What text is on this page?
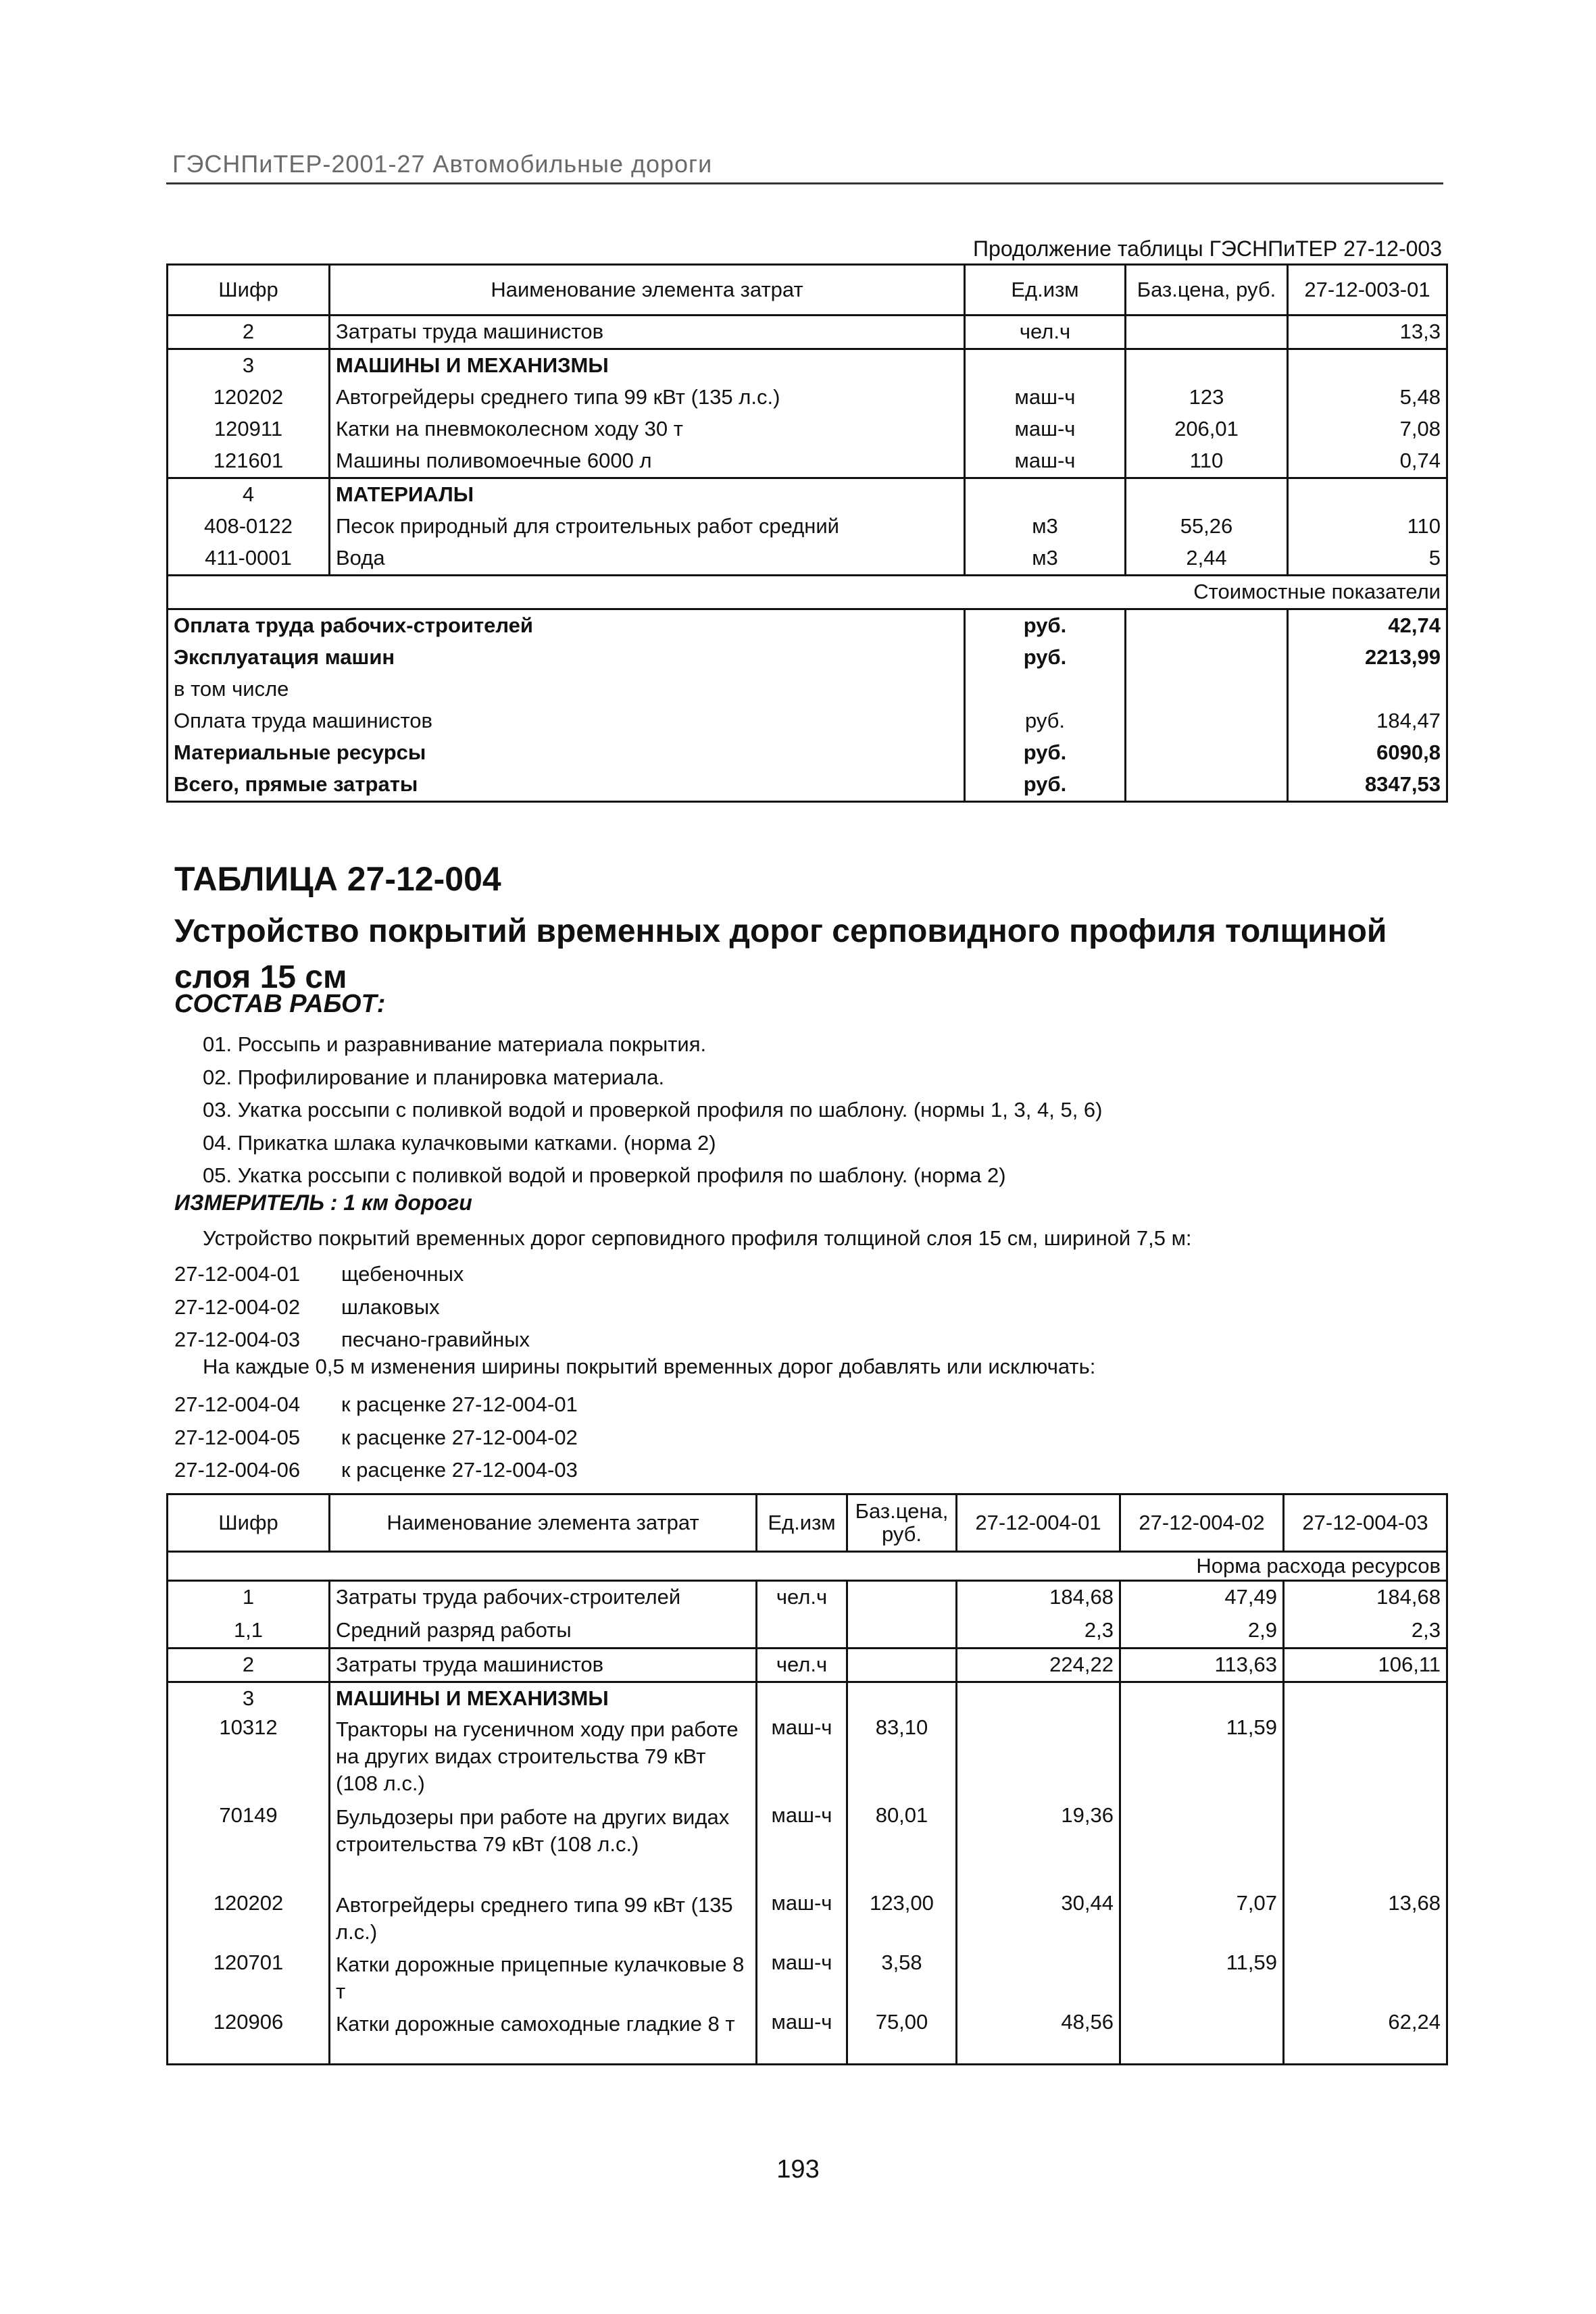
ГЭСНПиТЕР-2001-27 Автомобильные дороги
Продолжение таблицы ГЭСНПиТЕР 27-12-003
Шифр	Наименование элемента затрат	Ед.изм	Баз.цена, руб.	27-12-003-01
2	Затраты труда машинистов	чел.ч		13,3
3	МАШИНЫ И МЕХАНИЗМЫ			
120202	Автогрейдеры среднего типа 99 кВт (135 л.с.)	маш-ч	123	5,48
120911	Катки на пневмоколесном ходу 30 т	маш-ч	206,01	7,08
121601	Машины поливомоечные 6000 л	маш-ч	110	0,74
4	МАТЕРИАЛЫ			
408-0122	Песок природный для строительных работ средний	м3	55,26	110
411-0001	Вода	м3	2,44	5
Стоимостные показатели				
Оплата труда рабочих-строителей		руб.		42,74
Эксплуатация машин		руб.		2213,99
в том числе				
Оплата труда машинистов		руб.		184,47
Материальные ресурсы		руб.		6090,8
Всего, прямые затраты		руб.		8347,53
ТАБЛИЦА 27-12-004
Устройство покрытий временных дорог серповидного профиля толщиной слоя 15 см
СОСТАВ РАБОТ:
01. Россыпь и разравнивание материала покрытия.
02. Профилирование и планировка материала.
03. Укатка россыпи с поливкой водой и проверкой профиля по шаблону. (нормы 1, 3, 4, 5, 6)
04. Прикатка шлака кулачковыми катками. (норма 2)
05. Укатка россыпи с поливкой водой и проверкой профиля по шаблону. (норма 2)
ИЗМЕРИТЕЛЬ : 1 км дороги
Устройство покрытий временных дорог серповидного профиля толщиной слоя 15 см, шириной 7,5 м:
27-12-004-01 щебеночных
27-12-004-02 шлаковых
27-12-004-03 песчано-гравийных
На каждые 0,5 м изменения ширины покрытий временных дорог добавлять или исключать:
27-12-004-04 к расценке 27-12-004-01
27-12-004-05 к расценке 27-12-004-02
27-12-004-06 к расценке 27-12-004-03
Шифр	Наименование элемента затрат	Ед.изм	Баз.цена, руб.	27-12-004-01	27-12-004-02	27-12-004-03
Норма расхода ресурсов						
1	Затраты труда рабочих-строителей	чел.ч		184,68	47,49	184,68
1,1	Средний разряд работы			2,3	2,9	2,3
2	Затраты труда машинистов	чел.ч		224,22	113,63	106,11
3	МАШИНЫ И МЕХАНИЗМЫ					
10312	Тракторы на гусеничном ходу при работе на других видах строительства 79 кВт (108 л.с.)	маш-ч	83,10		11,59	
70149	Бульдозеры при работе на других видах строительства 79 кВт (108 л.с.)	маш-ч	80,01	19,36		
120202	Автогрейдеры среднего типа 99 кВт (135 л.с.)	маш-ч	123,00	30,44	7,07	13,68
120701	Катки дорожные прицепные кулачковые 8 т	маш-ч	3,58		11,59	
120906	Катки дорожные самоходные гладкие 8 т	маш-ч	75,00	48,56		62,24
193
